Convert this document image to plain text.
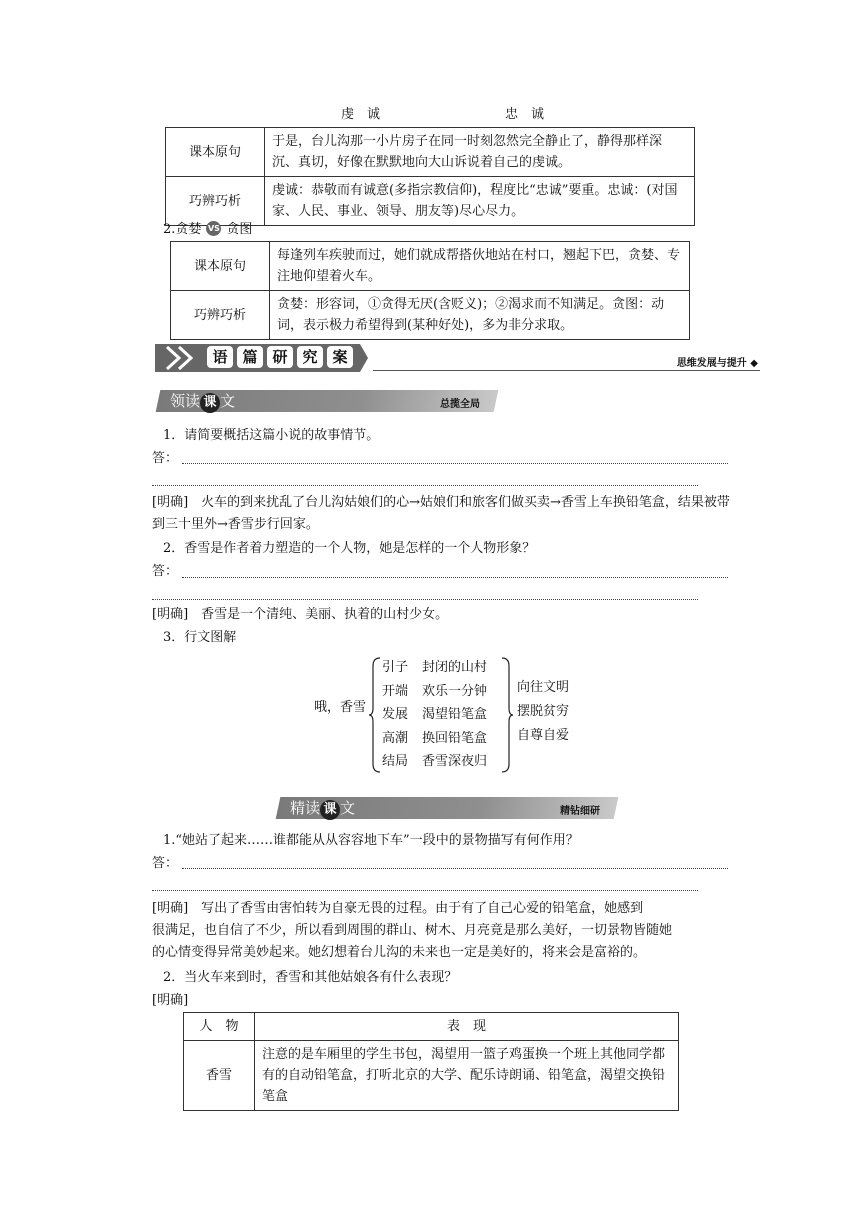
虔　诚	忠　诚
课本原句	于是，台儿沟那一小片房子在同一时刻忽然完全静止了，静得那样深沉、真切，好像在默默地向大山诉说着自己的虔诚。
巧辨巧析	虔诚：恭敬而有诚意(多指宗教信仰)，程度比“忠诚”要重。忠诚：(对国家、人民、事业、领导、朋友等)尽心尽力。
2.贪婪 VS 贪图
课本原句	每逢列车疾驶而过，她们就成帮搭伙地站在村口，翘起下巴，贪婪、专注地仰望着火车。
巧辨巧析	贪婪：形容词，①贪得无厌(含贬义)；②渴求而不知满足。贪图：动词，表示极力希望得到(某种好处)，多为非分求取。
语 篇 研 究 案	思维发展与提升 ◆
领读 课 文	总揽全局
1．请简要概括这篇小说的故事情节。
答：
[明确]　火车的到来扰乱了台儿沟姑娘们的心→姑娘们和旅客们做买卖→香雪上车换铅笔盒，结果被带到三十里外→香雪步行回家。
2．香雪是作者着力塑造的一个人物，她是怎样的一个人物形象？
答：
[明确]　香雪是一个清纯、美丽、执着的山村少女。
3．行文图解
哦，香雪
引子 封闭的山村
开端 欢乐一分钟
发展 渴望铅笔盒
高潮 换回铅笔盒
结局 香雪深夜归
向往文明
摆脱贫穷
自尊自爱
精读 课 文	精钻细研
1.“她站了起来……谁都能从从容容地下车”一段中的景物描写有何作用？
答：
[明确]　写出了香雪由害怕转为自豪无畏的过程。由于有了自己心爱的铅笔盒，她感到
很满足，也自信了不少，所以看到周围的群山、树木、月亮竟是那么美好，一切景物皆随她
的心情变得异常美妙起来。她幻想着台儿沟的未来也一定是美好的，将来会是富裕的。
2．当火车来到时，香雪和其他姑娘各有什么表现？
[明确]
人　物	表　现
香雪	注意的是车厢里的学生书包，渴望用一篮子鸡蛋换一个班上其他同学都有的自动铅笔盒，打听北京的大学、配乐诗朗诵、铅笔盒，渴望交换铅笔盒
